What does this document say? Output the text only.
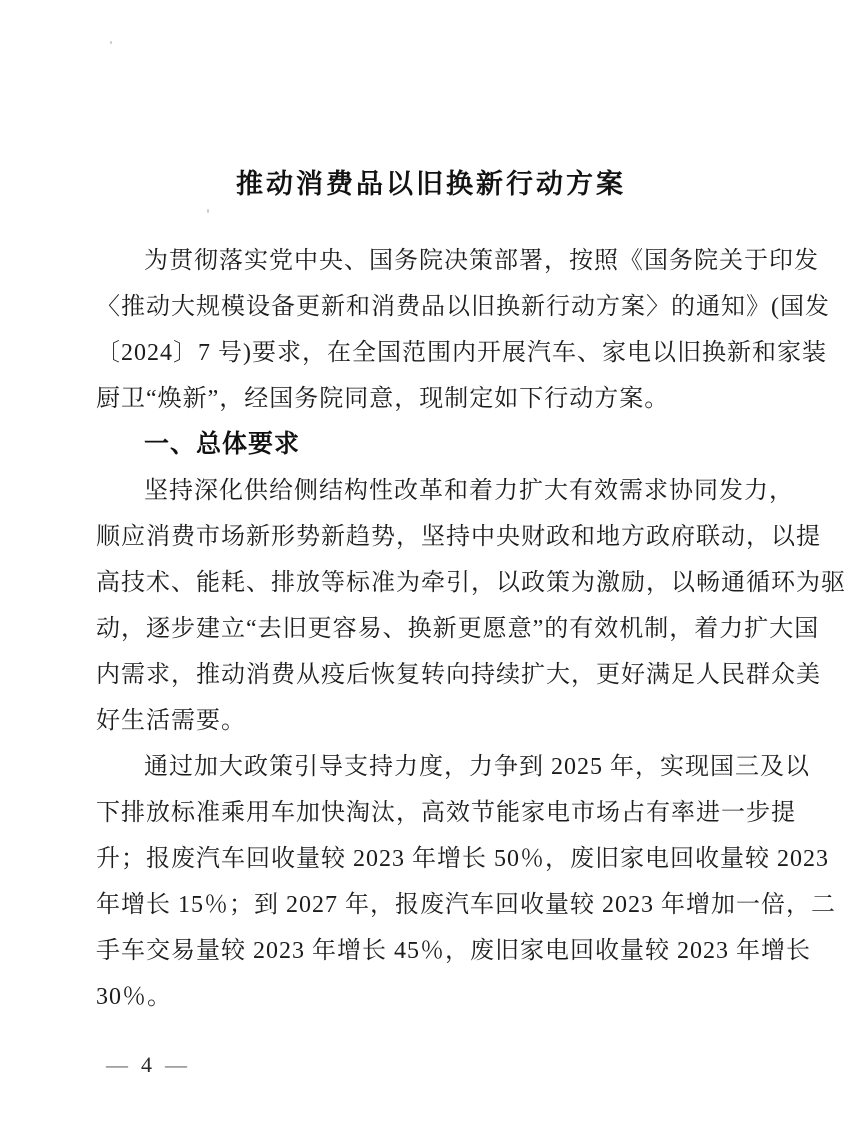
推动消费品以旧换新行动方案
为贯彻落实党中央、国务院决策部署，按照《国务院关于印发
〈推动大规模设备更新和消费品以旧换新行动方案〉的通知》(国发
〔2024〕7 号)要求，在全国范围内开展汽车、家电以旧换新和家装
厨卫“焕新”，经国务院同意，现制定如下行动方案。
一、总体要求
坚持深化供给侧结构性改革和着力扩大有效需求协同发力，
顺应消费市场新形势新趋势，坚持中央财政和地方政府联动，以提
高技术、能耗、排放等标准为牵引，以政策为激励，以畅通循环为驱
动，逐步建立“去旧更容易、换新更愿意”的有效机制，着力扩大国
内需求，推动消费从疫后恢复转向持续扩大，更好满足人民群众美
好生活需要。
通过加大政策引导支持力度，力争到 2025 年，实现国三及以
下排放标准乘用车加快淘汰，高效节能家电市场占有率进一步提
升；报废汽车回收量较 2023 年增长 50％，废旧家电回收量较 2023
年增长 15％；到 2027 年，报废汽车回收量较 2023 年增加一倍，二
手车交易量较 2023 年增长 45％，废旧家电回收量较 2023 年增长
30％。
— 4 —
